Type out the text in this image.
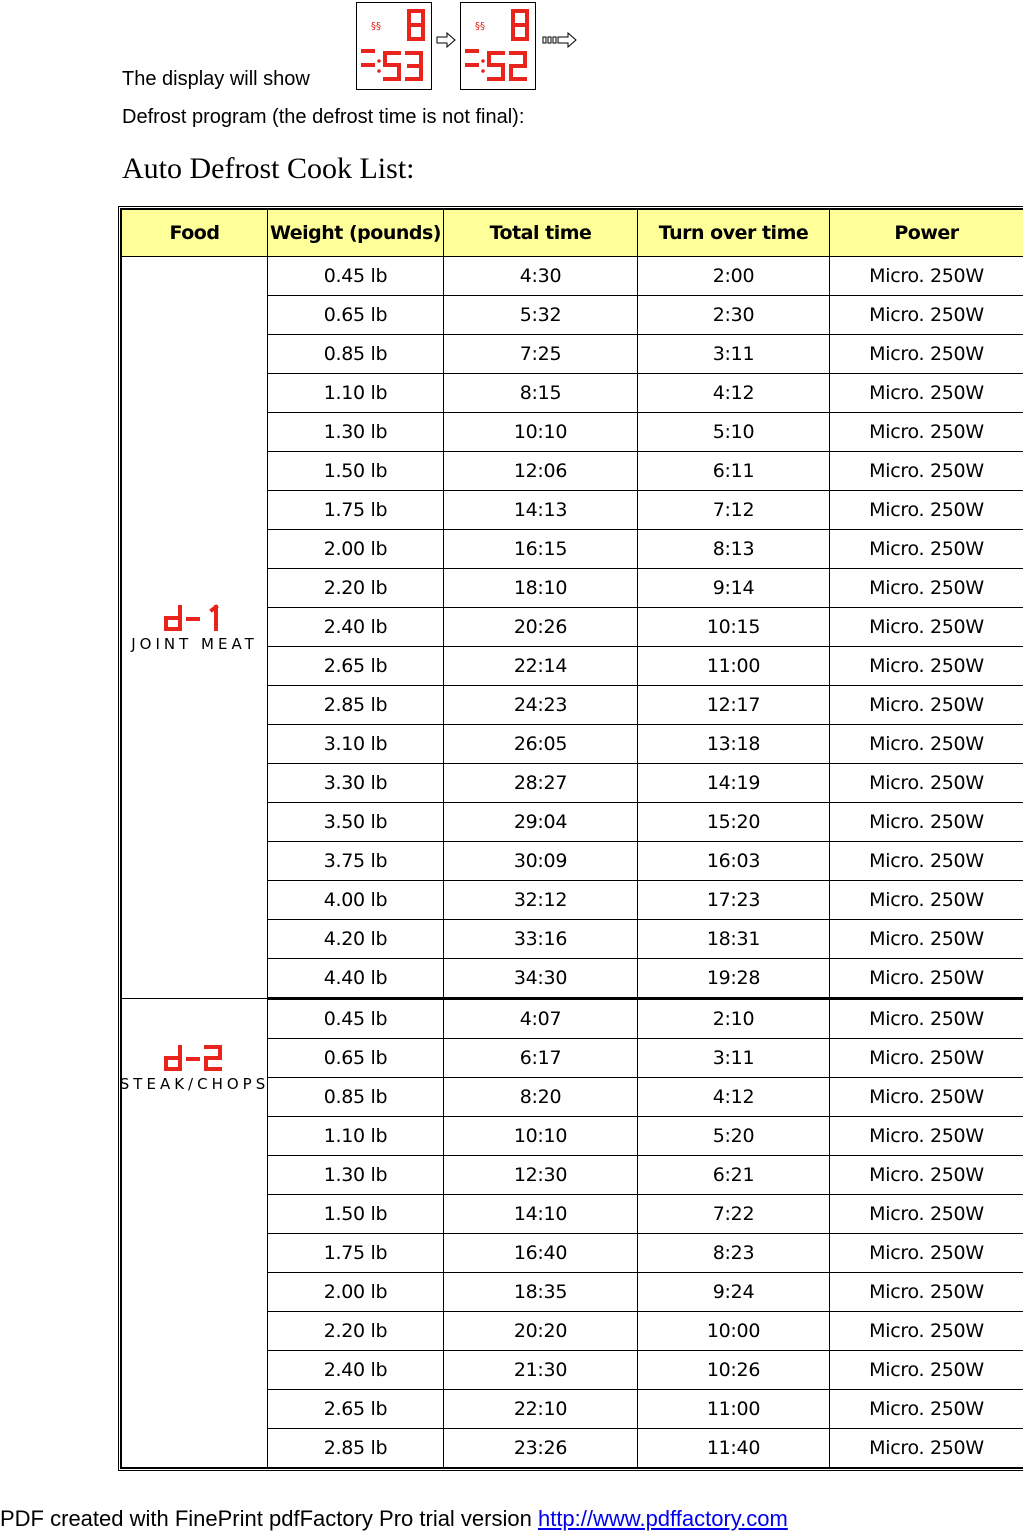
The display will show
§§	§§
Defrost program (the defrost time is not final):
Auto Defrost Cook List:
Food	Weight (pounds)	Total time	Turn over time	Power

JOINT MEAT	0.45 lb	4:30	2:00	Micro. 250W
	0.65 lb	5:32	2:30	Micro. 250W
	0.85 lb	7:25	3:11	Micro. 250W
	1.10 lb	8:15	4:12	Micro. 250W
	1.30 lb	10:10	5:10	Micro. 250W
	1.50 lb	12:06	6:11	Micro. 250W
	1.75 lb	14:13	7:12	Micro. 250W
	2.00 lb	16:15	8:13	Micro. 250W
	2.20 lb	18:10	9:14	Micro. 250W
	2.40 lb	20:26	10:15	Micro. 250W
	2.65 lb	22:14	11:00	Micro. 250W
	2.85 lb	24:23	12:17	Micro. 250W
	3.10 lb	26:05	13:18	Micro. 250W
	3.30 lb	28:27	14:19	Micro. 250W
	3.50 lb	29:04	15:20	Micro. 250W
	3.75 lb	30:09	16:03	Micro. 250W
	4.00 lb	32:12	17:23	Micro. 250W
	4.20 lb	33:16	18:31	Micro. 250W
	4.40 lb	34:30	19:28	Micro. 250W

STEAK/CHOPS	0.45 lb	4:07	2:10	Micro. 250W
	0.65 lb	6:17	3:11	Micro. 250W
	0.85 lb	8:20	4:12	Micro. 250W
	1.10 lb	10:10	5:20	Micro. 250W
	1.30 lb	12:30	6:21	Micro. 250W
	1.50 lb	14:10	7:22	Micro. 250W
	1.75 lb	16:40	8:23	Micro. 250W
	2.00 lb	18:35	9:24	Micro. 250W
	2.20 lb	20:20	10:00	Micro. 250W
	2.40 lb	21:30	10:26	Micro. 250W
	2.65 lb	22:10	11:00	Micro. 250W
	2.85 lb	23:26	11:40	Micro. 250W
PDF created with FinePrint pdfFactory Pro trial version http://www.pdffactory.com
